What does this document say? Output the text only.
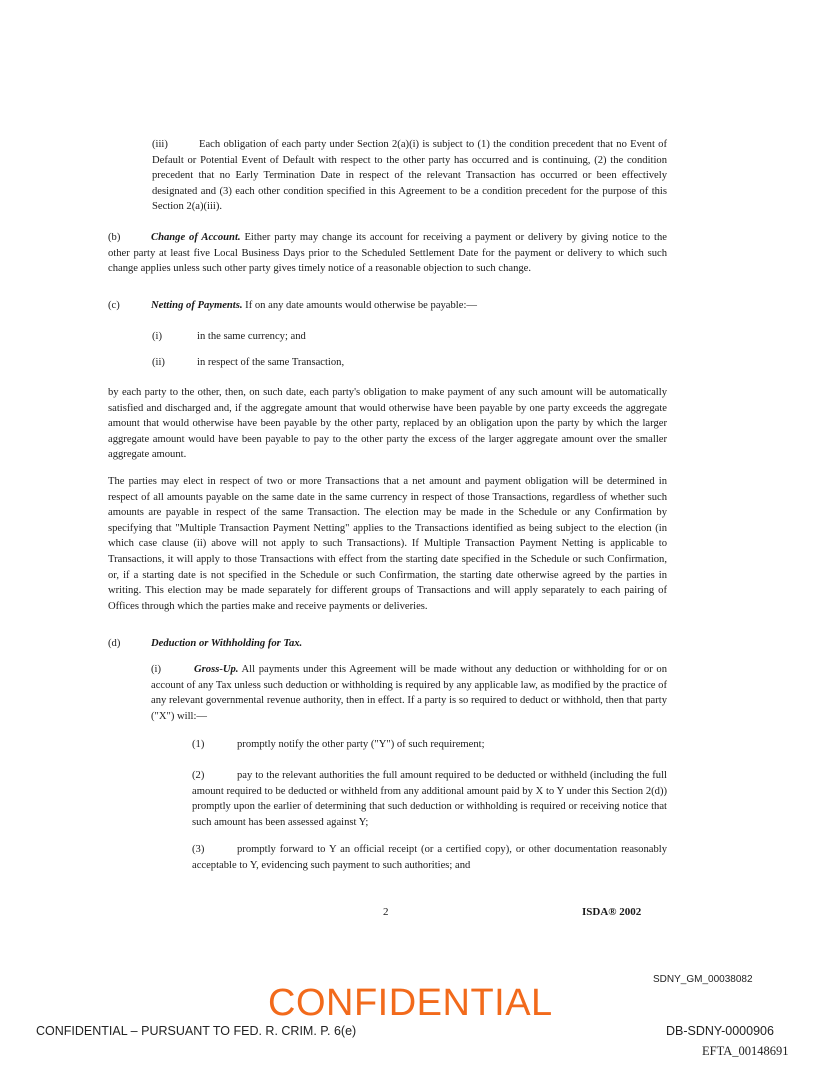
(iii)	Each obligation of each party under Section 2(a)(i) is subject to (1) the condition precedent that no Event of Default or Potential Event of Default with respect to the other party has occurred and is continuing, (2) the condition precedent that no Early Termination Date in respect of the relevant Transaction has occurred or been effectively designated and (3) each other condition specified in this Agreement to be a condition precedent for the purpose of this Section 2(a)(iii).

(b)	Change of Account. Either party may change its account for receiving a payment or delivery by giving notice to the other party at least five Local Business Days prior to the Scheduled Settlement Date for the payment or delivery to which such change applies unless such other party gives timely notice of a reasonable objection to such change.

(c)	Netting of Payments. If on any date amounts would otherwise be payable:—

(i)	in the same currency; and

(ii)	in respect of the same Transaction,

by each party to the other, then, on such date, each party's obligation to make payment of any such amount will be automatically satisfied and discharged and, if the aggregate amount that would otherwise have been payable by one party exceeds the aggregate amount that would otherwise have been payable by the other party, replaced by an obligation upon the party by which the larger aggregate amount would have been payable to pay to the other party the excess of the larger aggregate amount over the smaller aggregate amount.

The parties may elect in respect of two or more Transactions that a net amount and payment obligation will be determined in respect of all amounts payable on the same date in the same currency in respect of those Transactions, regardless of whether such amounts are payable in respect of the same Transaction. The election may be made in the Schedule or any Confirmation by specifying that "Multiple Transaction Payment Netting" applies to the Transactions identified as being subject to the election (in which case clause (ii) above will not apply to such Transactions). If Multiple Transaction Payment Netting is applicable to Transactions, it will apply to those Transactions with effect from the starting date specified in the Schedule or such Confirmation, or, if a starting date is not specified in the Schedule or such Confirmation, the starting date otherwise agreed by the parties in writing. This election may be made separately for different groups of Transactions and will apply separately to each pairing of Offices through which the parties make and receive payments or deliveries.

(d)	Deduction or Withholding for Tax.

(i)	Gross-Up. All payments under this Agreement will be made without any deduction or withholding for or on account of any Tax unless such deduction or withholding is required by any applicable law, as modified by the practice of any relevant governmental revenue authority, then in effect. If a party is so required to deduct or withhold, then that party ("X") will:—

(1)	promptly notify the other party ("Y") of such requirement;

(2)	pay to the relevant authorities the full amount required to be deducted or withheld (including the full amount required to be deducted or withheld from any additional amount paid by X to Y under this Section 2(d)) promptly upon the earlier of determining that such deduction or withholding is required or receiving notice that such amount has been assessed against Y;

(3)	promptly forward to Y an official receipt (or a certified copy), or other documentation reasonably acceptable to Y, evidencing such payment to such authorities; and

2	ISDA® 2002
SDNY_GM_00038082
CONFIDENTIAL
CONFIDENTIAL – PURSUANT TO FED. R. CRIM. P. 6(e)	DB-SDNY-0000906
EFTA_00148691
